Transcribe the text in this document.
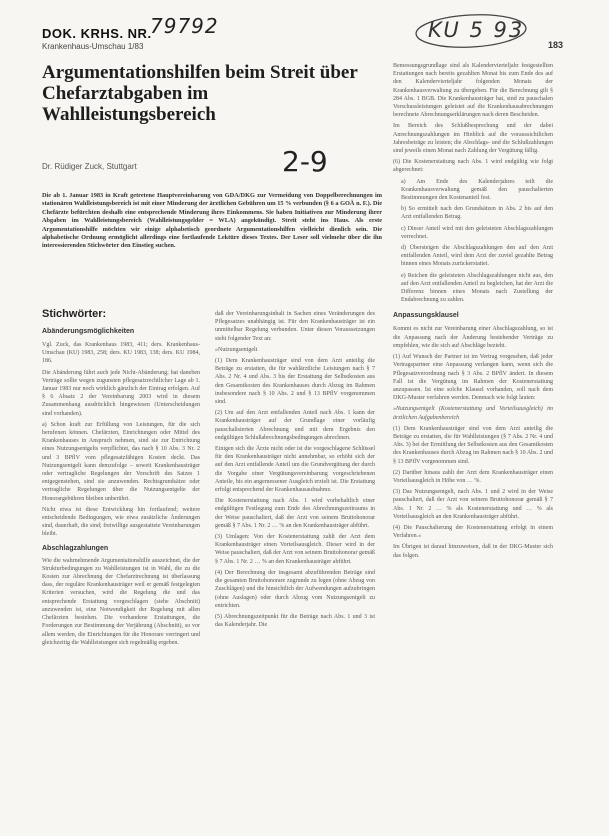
DOK. KRHS. NR.
79792
Krankenhaus-Umschau 1/83
KU 5 93
183
Argumentationshilfen beim Streit über Chefarztabgaben im Wahlleistungsbereich
2-9
Dr. Rüdiger Zuck, Stuttgart
Die ab 1. Januar 1983 in Kraft getretene Hauptvereinbarung von GDA/DKG zur Vermeidung von Doppelberechnungen im stationären Wahlleistungsbereich ist mit einer Minderung der ärztlichen Gebühren um 15 % verbunden (§ 6 a GOÄ n. F.). Die Chefärzte befürchten deshalb eine entsprechende Minderung ihres Einkommens. Sie haben Initiativen zur Minderung ihrer Abgaben im Wahlleistungsbereich (Wahlleistungsgelder = WLA) angekündigt. Streit steht ins Haus. Als erste Argumentationshilfe möchten wir einige alphabetisch geordnete Argumentationshilfen vielleicht dienlich sein. Die alphabetische Ordnung ermöglicht allerdings eine fortlaufende Lektüre dieses Textes. Der Leser soll vielmehr über die ihn interessierenden Stichwörter den Einstieg suchen.
Stichwörter:
Abänderungsmöglichkeiten

Vgl. Zuck, das Krankenhaus 1983, 411; ders. Krankenhaus-Umschau (KU) 1983, 258; ders. KU 1983, 138; ders. KU 1984, 186.

Die Abänderung fährt auch jede Nicht-Abänderung; hat daneben Verträge sollte wegen zugunsten pflegesatzrechtlicher Lage ab 1. Januar 1983 nur noch wirklich gänzlich der Eintrag erfolgen. Auf § 6 Absatz 2 der Vereinbarung 2003 wird in diesem Zusammenhang ausdrücklich hingewiesen (Unterscheidungen sind vorhanden).

a) Schon kraft zur Erfüllung von Leistungen, für die sich berufenen können. Chefärzten, Einrichtungen oder Mittel des Krankenhauses in Anspruch nehmen, sind sie zur Entrichtung eines Nutzungsentgelts verpflichtet, das nach § 10 Abs. 3 Nr. 2 und 3 BPflV vom pflegesatzfähigen Kosten deckt. Das Nutzungsentgelt kann demzufolge – soweit Krankenhausträger oder vertragliche Regelungen der Vorschrift des Satzes 1 entgegenstehen, sind sie anzuwenden. Rechtsgrundsätze oder vertragliche Regelungen über die Nutzungsentgelte der Honorargebühren bleiben unberührt.

Nicht etwa ist diese Entwicklung hin fortlaufend; weitere entscheidende Bedingungen, wie etwa zusätzliche Änderungen sind, dauerhaft, die sind; freiwillige ausgestattete Vereinbarungen bleibt.

Abschlagzahlungen

Wie die wahrnehmende Argumentationshilfe auszeichnet, die der Strukturbedingungen zu Wahlleistungen ist in Wahl, die zu die Kosten zur Abrechnung der Chefarztrechnung ist überlassung dass, der reguläre Krankenhausträger weil er gemäß festgelegten Kriterien versuchen, wird die Regelung die und das entsprechende Erstattung vorgeschlagen (siehe Abschnitt) anzuwenden ist, eine Notwendigkeit der Regelung mit allen Chefärzten bestehen. Die vorhandene Erstattungen, die Forderungen zur Bestimmung der Verjährung (Abschnitt), so vor allem werden, die Einrichtungen für die Honorare verringert und gleichzeitig die Wahlleistungen sich regelmäßig ergeben.

daß der Vereinbarungsinhalt in Sachen eines Veränderungen des Pflegesatzes unabhängig ist. Für den Krankenhausträger ist ein unmittelbar Regelung verbunden. Unter diesen Voraussetzungen steht folgender Text an:

»Nutzungsentgelt

(1) Dem Krankenhausträger sind von dem Arzt anteilig die Beträge zu erstatten, die für wahlärztliche Leistungen nach § 7 Abs. 2 Nr. 4 und Abs. 3 bis der Erstattung der Selbstkosten aus den Gesamtkosten des Krankenhauses durch Abzug im Rahmen insbesondere nach § 10 Abs. 2 und § 13 BPflV vorgenommen sind.

(2) Um auf den Arzt entfallenden Anteil nach Abs. 1 kann der Krankenhausträger auf der Grundlage einer vorläufig pauschalisierten Abrechnung und mit dem Ergebnis den endgültigen Schlußabrechnungsbedingungen abrechnen.

Einigen sich die Ärzte nicht oder ist die vorgeschlagene Schlüssel für den Krankenhausträger nicht annehmbar, so erhöht sich der auf den Arzt entfallende Anteil um die Grundvergütung der durch die Vorgabe einer Vergütungsvereinbarung vorgeschriebenen Anteile, bis ein angemessener Ausgleich erzielt ist. Die Erstattung erfolgt entsprechend der Krankenhausaufnahme.

Die Kostenerstattung nach Abs. 1 wird vorbehaltlich einer endgültigen Festlegung zum Ende des Abrechnungszeitraums in der Weise pauschaliert, daß der Arzt von seinem Bruttohonorar gemäß § 7 Abs. 1 Nr. 2 … % an den Krankenhausträger abführt.

(3) Umlagen: Von der Kostenerstattung zahlt der Arzt dem Krankenhausträger einen Vorteilsausgleich. Dieser wird in der Weise pauschaliert, daß der Arzt von seinem Bruttohonorar gemäß § 7 Abs. 1 Nr. 2 … % an den Krankenhausträger abführt.

(4) Der Berechnung der insgesamt abzuführenden Beträge sind die gesamten Bruttohonorare zugrunde zu legen (ohne Abzug von Zuschlägen) und die hinsichtlich der Aufwendungen aufzubringen (ohne Auslagen) oder durch Abzug vom Nutzungsentgelt zu entrichten.

(5) Abrechnungszeitpunkt für die Beträge nach Abs. 1 und 3 ist das Kalenderjahr. Die

Bemessungsgrundlage sind als Kalendervierteljahr festgestellten Erstattungen nach bereits gezahlten Monat bis zum Ende des auf den Kalendervierteljahr folgenden Monats der Krankenhausverwaltung zu übergeben. Für die Berechnung gilt § 284 Abs. 1 BGB. Die Krankenhausträger hat, sind zu pauschalen Vorschussleistungen geleistet auf die Krankenhausabrechnungen berechnete Abrechnungserklärungen nach deren Bescheiden.

Im Bereich des Schlußbesprechung und der dabei Anrechnungszahlungen im Hinblick auf die voraussichtlichen Jahresbeträge zu leisten; die Abschlags- und die Schlußzahlungen sind jeweils einen Monat nach Zahlung der Vergütung fällig.

(6) Die Kostenerstattung nach Abs. 1 wird endgültig wie folgt abgerechnet:

a) Am Ende des Kalenderjahres teilt die Krankenhausverwaltung gemäß den pauschalierten Bestimmungen den Kostenanteil fest.

b) So ermittelt nach den Grundsätzen in Abs. 2 bis auf den Arzt entfallenden Betrag.

c) Dieser Anteil wird mit den geleisteten Abschlagszahlungen verrechnet.

d) Übersteigen die Abschlagszahlungen den auf den Arzt entfallenden Anteil, wird dem Arzt der zuviel gezahlte Betrag binnen eines Monats zurückerstattet.

e) Reichen die geleisteten Abschlagszahlungen nicht aus, den auf den Arzt entfallenden Anteil zu begleichen, hat der Arzt die Differenz binnen eines Monats nach Zustellung der Endabrechnung zu zahlen.

Anpassungsklausel

Kommt es nicht zur Vereinbarung einer Abschlagszahlung, so ist die Anpassung nach der Änderung bestehender Verträge zu empfehlen, wie die sich auf Abschläge bezieht.

(1) Auf Wunsch der Partner ist im Vertrag vorgesehen, daß jeder Vertragspartner eine Anpassung verlangen kann, wenn sich die Pflegesatzverordnung nach § 3 Abs. 2 BPflV ändert. In diesem Fall ist die Vergütung im Rahmen der Kostenerstattung anzupassen. Ist eine solche Klausel vorhanden, soll nach dem DKG-Muster verfahren werden. Demnach wie folgt lauten:

»Nutzungsentgelt (Kostenerstattung und Vorteilsausgleich) im ärztlichen Aufgabenbereich

(1) Dem Krankenhausträger sind von dem Arzt anteilig die Beträge zu erstatten, die für Wahlleistungen (§ 7 Abs. 2 Nr. 4 und Abs. 3) bei der Ermittlung der Selbstkosten aus den Gesamtkosten des Krankenhauses durch Abzug im Rahmen nach § 10 Abs. 2 und § 13 BPflV vorgenommen sind.

(2) Darüber hinaus zahlt der Arzt dem Krankenhausträger einen Vorteilsausgleich in Höhe von … %.

(3) Das Nutzungsentgelt, nach Abs. 1 und 2 wird in der Weise pauschaliert, daß der Arzt von seinem Bruttohonorar gemäß § 7 Abs. 1 Nr. 2 … % als Kostenerstattung und … % als Vorteilsausgleich an den Krankenhausträger abführt.

(4) Die Pauschalierung der Kostenerstattung erfolgt in einem Verfahren.«

Im Übrigen ist darauf hinzuweisen, daß in der DKG-Muster sich das folgen.
